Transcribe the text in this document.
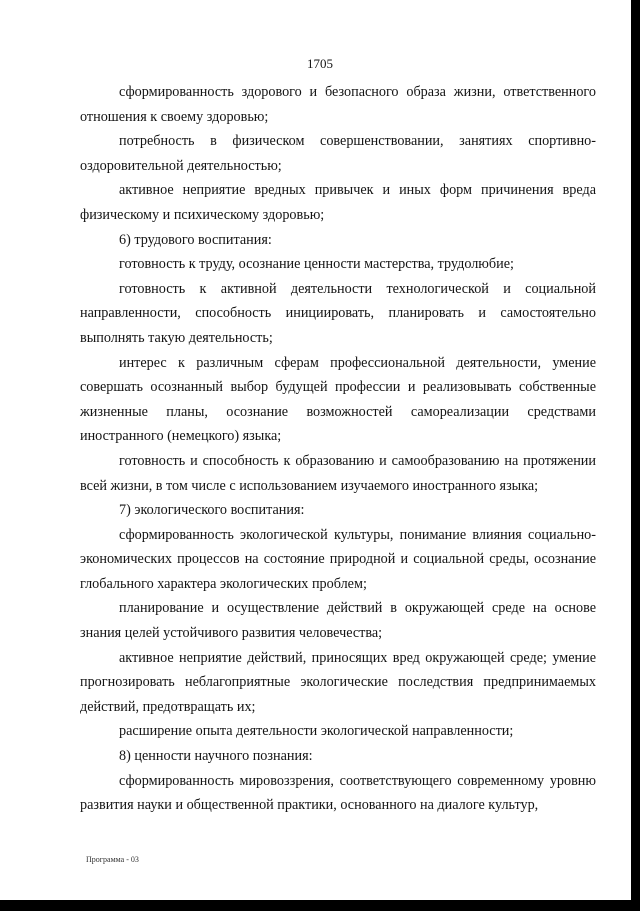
1705

сформированность здорового и безопасного образа жизни, ответственного отношения к своему здоровью;

потребность в физическом совершенствовании, занятиях спортивно-оздоровительной деятельностью;

активное неприятие вредных привычек и иных форм причинения вреда физическому и психическому здоровью;

6) трудового воспитания:

готовность к труду, осознание ценности мастерства, трудолюбие;

готовность к активной деятельности технологической и социальной направленности, способность инициировать, планировать и самостоятельно выполнять такую деятельность;

интерес к различным сферам профессиональной деятельности, умение совершать осознанный выбор будущей профессии и реализовывать собственные жизненные планы, осознание возможностей самореализации средствами иностранного (немецкого) языка;

готовность и способность к образованию и самообразованию на протяжении всей жизни, в том числе с использованием изучаемого иностранного языка;

7) экологического воспитания:

сформированность экологической культуры, понимание влияния социально-экономических процессов на состояние природной и социальной среды, осознание глобального характера экологических проблем;

планирование и осуществление действий в окружающей среде на основе знания целей устойчивого развития человечества;

активное неприятие действий, приносящих вред окружающей среде; умение прогнозировать неблагоприятные экологические последствия предпринимаемых действий, предотвращать их;

расширение опыта деятельности экологической направленности;

8) ценности научного познания:

сформированность мировоззрения, соответствующего современному уровню развития науки и общественной практики, основанного на диалоге культур,

Программа - 03
